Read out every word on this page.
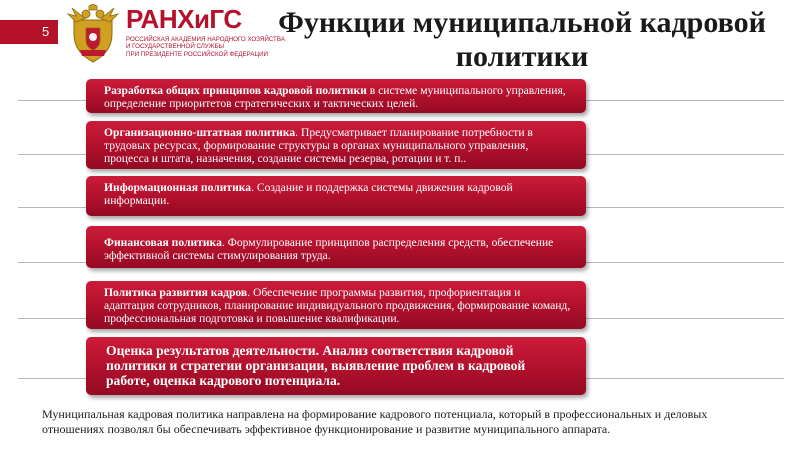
5	РАНХиГС
РОССИЙСКАЯ АКАДЕМИЯ НАРОДНОГО ХОЗЯЙСТВА
И ГОСУДАРСТВЕННОЙ СЛУЖБЫ
ПРИ ПРЕЗИДЕНТЕ РОССИЙСКОЙ ФЕДЕРАЦИИ
Функции муниципальной кадровой
политики
Разработка общих принципов кадровой политики в системе муниципального управления, определение приоритетов стратегических и тактических целей.
Организационно-штатная политика. Предусматривает планирование потребности в трудовых ресурсах, формирование структуры в органах муниципального управления, процесса и штата, назначения, создание системы резерва, ротации и т. п..
Информационная политика. Создание и поддержка системы движения кадровой информации.
Финансовая политика. Формулирование принципов распределения средств, обеспечение эффективной системы стимулирования труда.
Политика развития кадров. Обеспечение программы развития, профориентация и адаптация сотрудников, планирование индивидуального продвижения, формирование команд, профессиональная подготовка и повышение квалификации.
Оценка результатов деятельности. Анализ соответствия кадровой политики и стратегии организации, выявление проблем в кадровой работе, оценка кадрового потенциала.
Муниципальная кадровая политика направлена на формирование кадрового потенциала, который в профессиональных и деловых отношениях позволял бы обеспечивать эффективное функционирование и развитие муниципального аппарата.
